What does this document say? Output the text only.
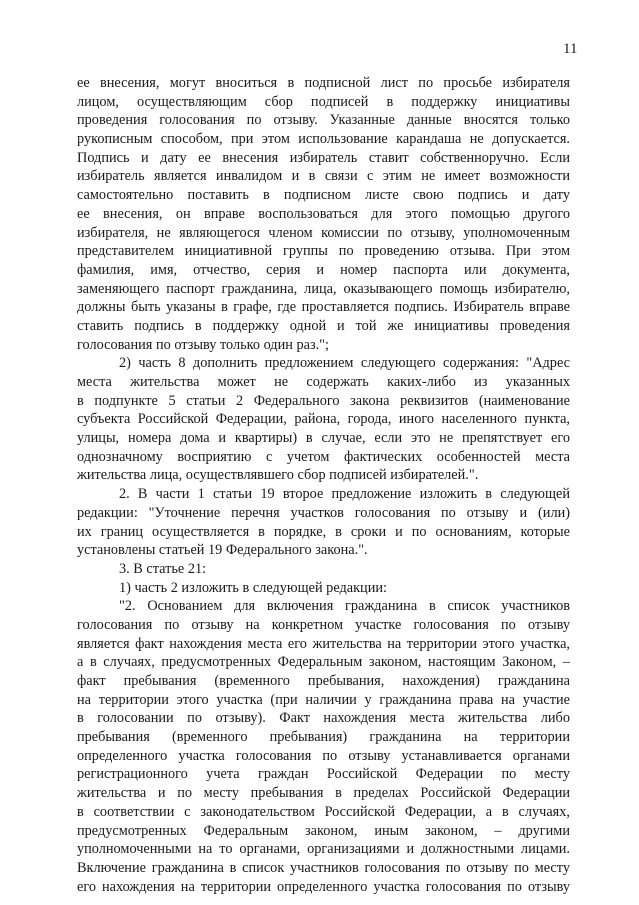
11
ее внесения, могут вноситься в подписной лист по просьбе избирателя
лицом, осуществляющим сбор подписей в поддержку инициативы
проведения голосования по отзыву. Указанные данные вносятся только
рукописным способом, при этом использование карандаша не допускается.
Подпись и дату ее внесения избиратель ставит собственноручно. Если
избиратель является инвалидом и в связи с этим не имеет возможности
самостоятельно поставить в подписном листе свою подпись и дату
ее внесения, он вправе воспользоваться для этого помощью другого
избирателя, не являющегося членом комиссии по отзыву, уполномоченным
представителем инициативной группы по проведению отзыва. При этом
фамилия, имя, отчество, серия и номер паспорта или документа,
заменяющего паспорт гражданина, лица, оказывающего помощь избирателю,
должны быть указаны в графе, где проставляется подпись. Избиратель вправе
ставить подпись в поддержку одной и той же инициативы проведения
голосования по отзыву только один раз.";
2) часть 8 дополнить предложением следующего содержания: "Адрес
места жительства может не содержать каких-либо из указанных
в подпункте 5 статьи 2 Федерального закона реквизитов (наименование
субъекта Российской Федерации, района, города, иного населенного пункта,
улицы, номера дома и квартиры) в случае, если это не препятствует его
однозначному восприятию с учетом фактических особенностей места
жительства лица, осуществлявшего сбор подписей избирателей.".
2. В части 1 статьи 19 второе предложение изложить в следующей
редакции: "Уточнение перечня участков голосования по отзыву и (или)
их границ осуществляется в порядке, в сроки и по основаниям, которые
установлены статьей 19 Федерального закона.".
3. В статье 21:
1) часть 2 изложить в следующей редакции:
"2. Основанием для включения гражданина в список участников
голосования по отзыву на конкретном участке голосования по отзыву
является факт нахождения места его жительства на территории этого участка,
а в случаях, предусмотренных Федеральным законом, настоящим Законом, –
факт пребывания (временного пребывания, нахождения) гражданина
на территории этого участка (при наличии у гражданина права на участие
в голосовании по отзыву). Факт нахождения места жительства либо
пребывания (временного пребывания) гражданина на территории
определенного участка голосования по отзыву устанавливается органами
регистрационного учета граждан Российской Федерации по месту
жительства и по месту пребывания в пределах Российской Федерации
в соответствии с законодательством Российской Федерации, а в случаях,
предусмотренных Федеральным законом, иным законом, – другими
уполномоченными на то органами, организациями и должностными лицами.
Включение гражданина в список участников голосования по отзыву по месту
его нахождения на территории определенного участка голосования по отзыву
